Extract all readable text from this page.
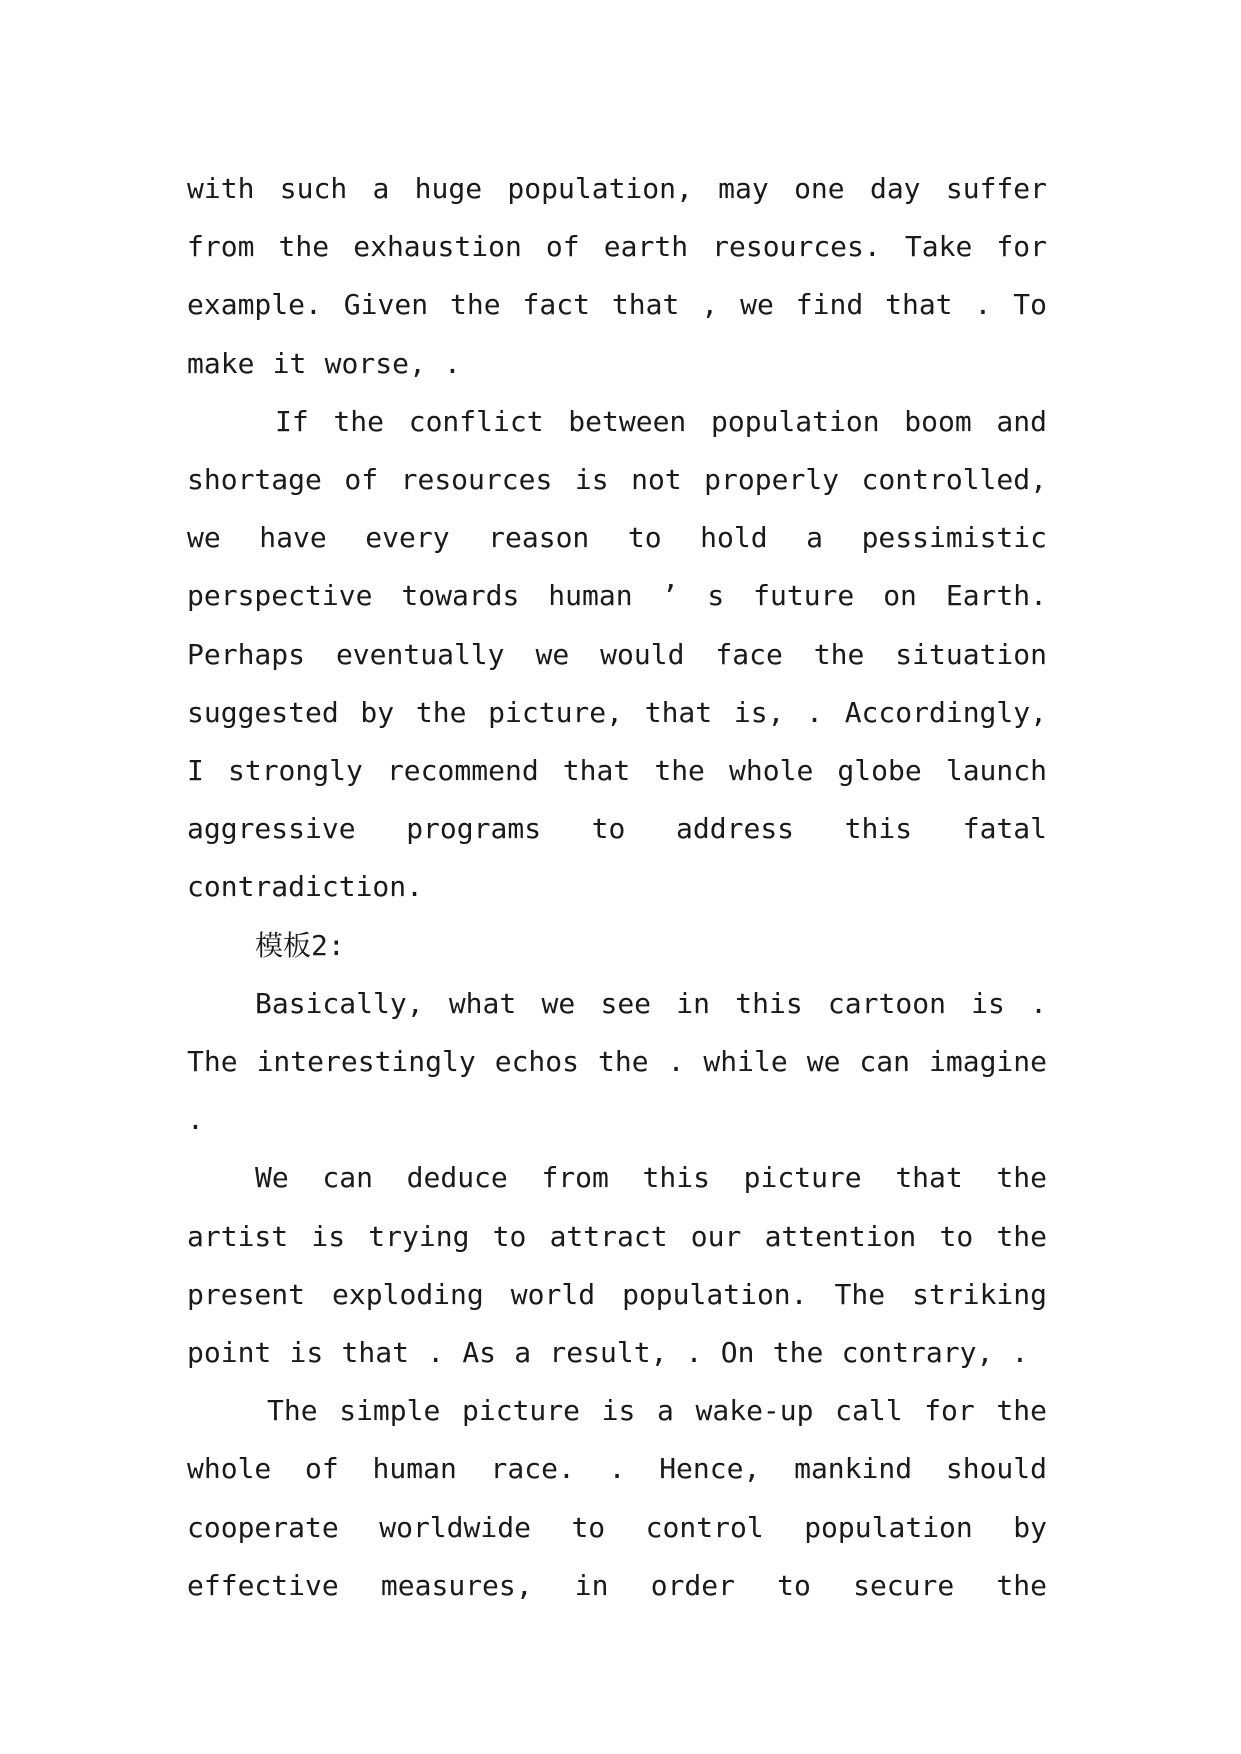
with such a huge population, may one day suffer from the exhaustion of earth resources. Take for example. Given the fact that , we find that . To make it worse, .

If the conflict between population boom and shortage of resources is not properly controlled, we have every reason to hold a pessimistic perspective towards human ’ s future on Earth. Perhaps eventually we would face the situation suggested by the picture, that is, . Accordingly, I strongly recommend that the whole globe launch aggressive programs to address this fatal contradiction.

模板2:

Basically, what we see in this cartoon is . The interestingly echos the . while we can imagine .

We can deduce from this picture that the artist is trying to attract our attention to the present exploding world population. The striking point is that . As a result, . On the contrary, .

The simple picture is a wake-up call for the whole of human race. . Hence, mankind should cooperate worldwide to control population by effective measures, in order to secure the
